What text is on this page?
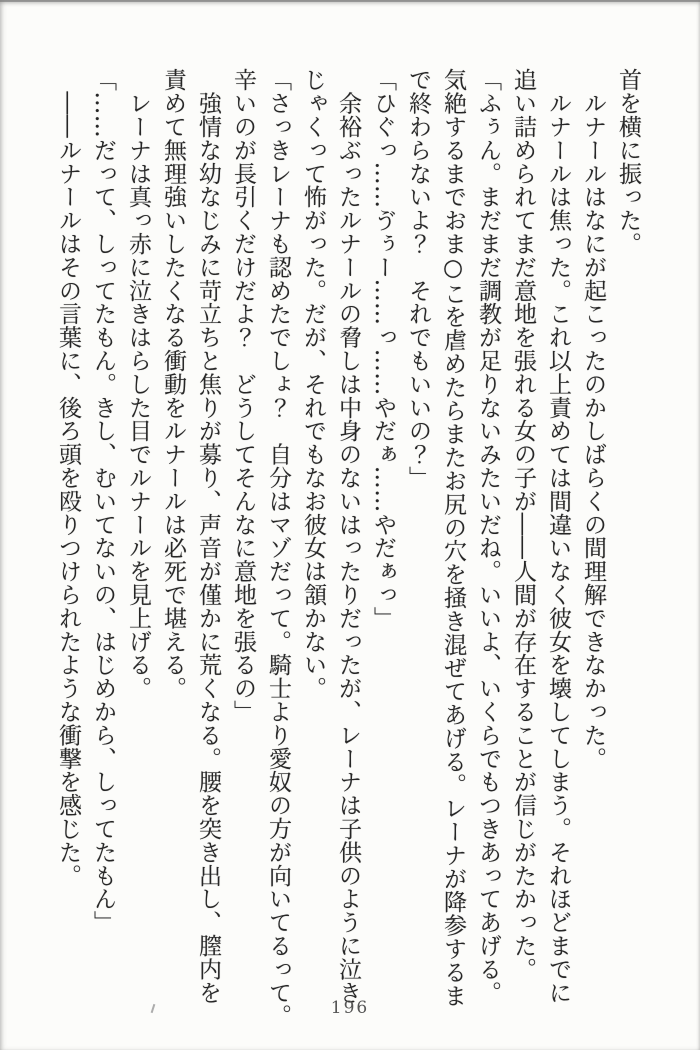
首を横に振った。
　ルナールはなにが起こったのかしばらくの間理解できなかった。
　ルナールは焦った。これ以上責めては間違いなく彼女を壊してしまう。それほどまでに
追い詰められてまだ意地を張れる女の子が――人間が存在することが信じがたかった。
「ふぅん。まだまだ調教が足りないみたいだね。いいよ、いくらでもつきあってあげる。
気絶するまでおま○こを虐めたらまたお尻の穴を掻き混ぜてあげる。レーナが降参するま
で終わらないよ？　それでもいいの？」
「ひぐっ……ゔぅー……っ……やだぁ……やだぁっ」
　余裕ぶったルナールの脅しは中身のないはったりだったが、レーナは子供のように泣き
じゃくって怖がった。だが、それでもなお彼女は頷かない。
「さっきレーナも認めたでしょ？　自分はマゾだって。騎士より愛奴の方が向いてるって。
辛いのが長引くだけだよ？　どうしてそんなに意地を張るの」
　強情な幼なじみに苛立ちと焦りが募り、声音が僅かに荒くなる。腰を突き出し、膣内を
責めて無理強いしたくなる衝動をルナールは必死で堪える。
　レーナは真っ赤に泣きはらした目でルナールを見上げる。
「……だって、しってたもん。きし、むいてないの、はじめから、しってたもん」
　――ルナールはその言葉に、後ろ頭を殴りつけられたような衝撃を感じた。
196
